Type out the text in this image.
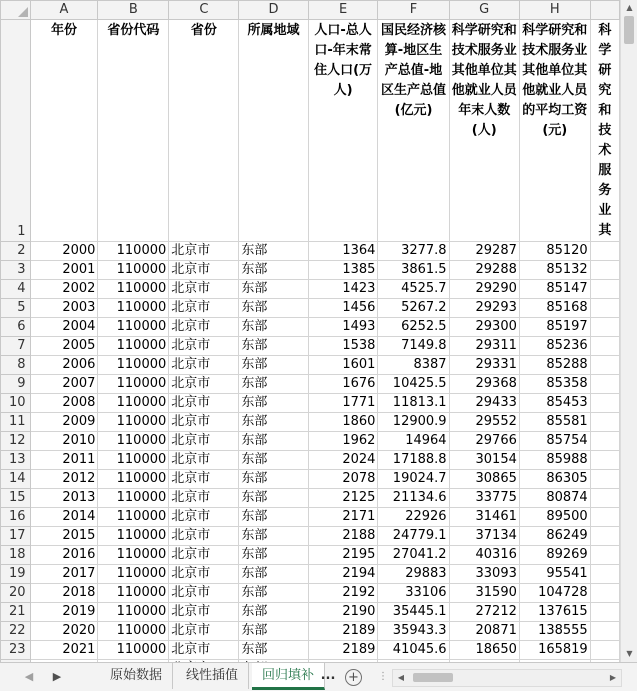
	A	B	C	D	E	F	G	H	
1	年份	省份代码	省份	所属地域	人口-总人口-年末常住人口(万人)	国民经济核算-地区生产总值-地区生产总值(亿元)	科学研究和技术服务业其他单位其他就业人员年末人数(人)	科学研究和技术服务业其他单位其他就业人员的平均工资(元)	科学研究和技术服务业其
2	2000	110000	北京市	东部	1364	3277.8	29287	85120	
3	2001	110000	北京市	东部	1385	3861.5	29288	85132	
4	2002	110000	北京市	东部	1423	4525.7	29290	85147	
5	2003	110000	北京市	东部	1456	5267.2	29293	85168	
6	2004	110000	北京市	东部	1493	6252.5	29300	85197	
7	2005	110000	北京市	东部	1538	7149.8	29311	85236	
8	2006	110000	北京市	东部	1601	8387	29331	85288	
9	2007	110000	北京市	东部	1676	10425.5	29368	85358	
10	2008	110000	北京市	东部	1771	11813.1	29433	85453	
11	2009	110000	北京市	东部	1860	12900.9	29552	85581	
12	2010	110000	北京市	东部	1962	14964	29766	85754	
13	2011	110000	北京市	东部	2024	17188.8	30154	85988	
14	2012	110000	北京市	东部	2078	19024.7	30865	86305	
15	2013	110000	北京市	东部	2125	21134.6	33775	80874	
16	2014	110000	北京市	东部	2171	22926	31461	89500	
17	2015	110000	北京市	东部	2188	24779.1	37134	86249	
18	2016	110000	北京市	东部	2195	27041.2	40316	89269	
19	2017	110000	北京市	东部	2194	29883	33093	95541	
20	2018	110000	北京市	东部	2192	33106	31590	104728	
21	2019	110000	北京市	东部	2190	35445.1	27212	137615	
22	2020	110000	北京市	东部	2189	35943.3	20871	138555	
23	2021	110000	北京市	东部	2189	41045.6	18650	165819	

▲
▼
◀	▶	原始数据	线性插值	回归填补 ... +	⋮	◀	▶
